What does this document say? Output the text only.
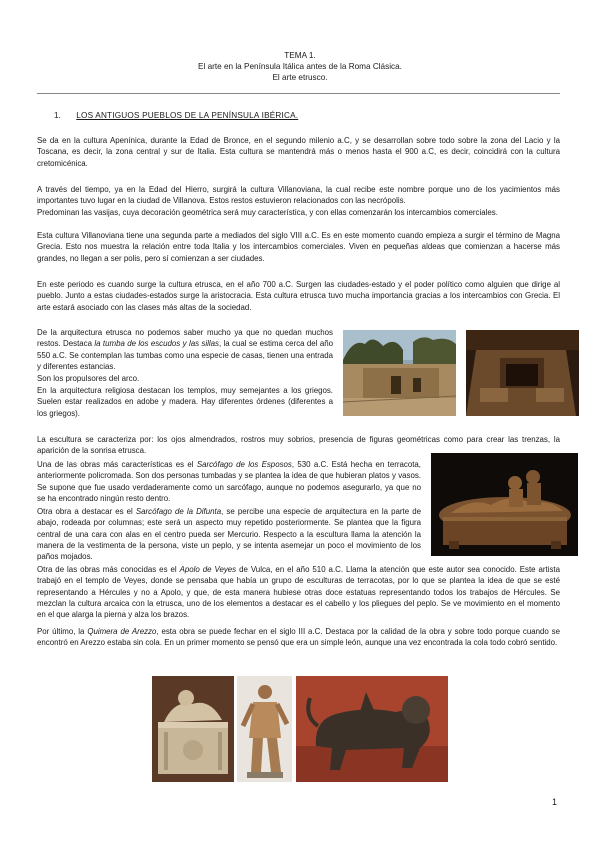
TEMA 1.
El arte en la Península Itálica antes de la Roma Clásica.
El arte etrusco.
1. LOS ANTIGUOS PUEBLOS DE LA PENÍNSULA IBÉRICA.

Se da en la cultura Apenínica, durante la Edad de Bronce, en el segundo milenio a.C, y se desarrollan sobre todo sobre la zona del Lacio y la Toscana, es decir, la zona central y sur de Italia. Esta cultura se mantendrá más o menos hasta el 900 a.C, es decir, coincidirá con la cultura cretomicénica.

A través del tiempo, ya en la Edad del Hierro, surgirá la cultura Villanoviana, la cual recibe este nombre porque uno de los yacimientos más importantes tuvo lugar en la ciudad de Villanova. Estos restos estuvieron relacionados con las necrópolis.

Predominan las vasijas, cuya decoración geométrica será muy característica, y con ellas comenzarán los intercambios comerciales.

Esta cultura Villanoviana tiene una segunda parte a mediados del siglo VIII a.C. Es en este momento cuando empieza a surgir el término de Magna Grecia. Esto nos muestra la relación entre toda Italia y los intercambios comerciales. Viven en pequeñas aldeas que comienzan a hacerse más grandes, no llegan a ser polis, pero sí comienzan a ser ciudades.

En este periodo es cuando surge la cultura etrusca, en el año 700 a.C. Surgen las ciudades-estado y el poder político como alguien que dirige al pueblo. Junto a estas ciudades-estados surge la aristocracia. Esta cultura etrusca tuvo mucha importancia gracias a los intercambios con Grecia. El arte estará asociado con las clases más altas de la sociedad.

De la arquitectura etrusca no podemos saber mucho ya que no quedan muchos restos. Destaca la tumba de los escudos y las sillas, la cual se estima cerca del año 550 a.C. Se contemplan las tumbas como una especie de casas, tienen una entrada y diferentes estancias.

Son los propulsores del arco.

En la arquitectura religiosa destacan los templos, muy semejantes a los griegos. Suelen estar realizados en adobe y madera. Hay diferentes órdenes (diferentes a los griegos).

La escultura se caracteriza por: los ojos almendrados, rostros muy sobrios, presencia de figuras geométricas como para crear las trenzas, la aparición de la sonrisa etrusca.

Una de las obras más características es el Sarcófago de los Esposos, 530 a.C. Está hecha en terracota, anteriormente policromada. Son dos personas tumbadas y se plantea la idea de que hubieran platos y vasos. Se supone que fue usado verdaderamente como un sarcófago, aunque no podemos asegurarlo, ya que no se ha encontrado ningún resto dentro.

Otra obra a destacar es el Sarcófago de la Difunta, se percibe una especie de arquitectura en la parte de abajo, rodeada por columnas; este será un aspecto muy repetido posteriormente. Se plantea que la figura central de una cara con alas en el centro pueda ser Mercurio. Respecto a la escultura llama la atención la manera de la vestimenta de la persona, viste un peplo, y se intenta asemejar un poco el movimiento de los paños mojados.

Otra de las obras más conocidas es el Apolo de Veyes de Vulca, en el año 510 a.C. Llama la atención que este autor sea conocido. Este artista trabajó en el templo de Veyes, donde se pensaba que había un grupo de esculturas de terracotas, por lo que se plantea la idea de que se esté representando a Hércules y no a Apolo, y que, de esta manera hubiese otras doce estatuas representando todos los trabajos de Hércules. Se mezclan la cultura arcaica con la etrusca, uno de los elementos a destacar es el cabello y los pliegues del peplo. Se ve movimiento en el momento en el que alarga la pierna y alza los brazos.

Por último, la Quimera de Arezzo, esta obra se puede fechar en el siglo III a.C. Destaca por la calidad de la obra y sobre todo porque cuando se encontró en Arezzo estaba sin cola. En un primer momento se pensó que era un simple león, aunque una vez encontrada la cola todo cobró sentido.

1
